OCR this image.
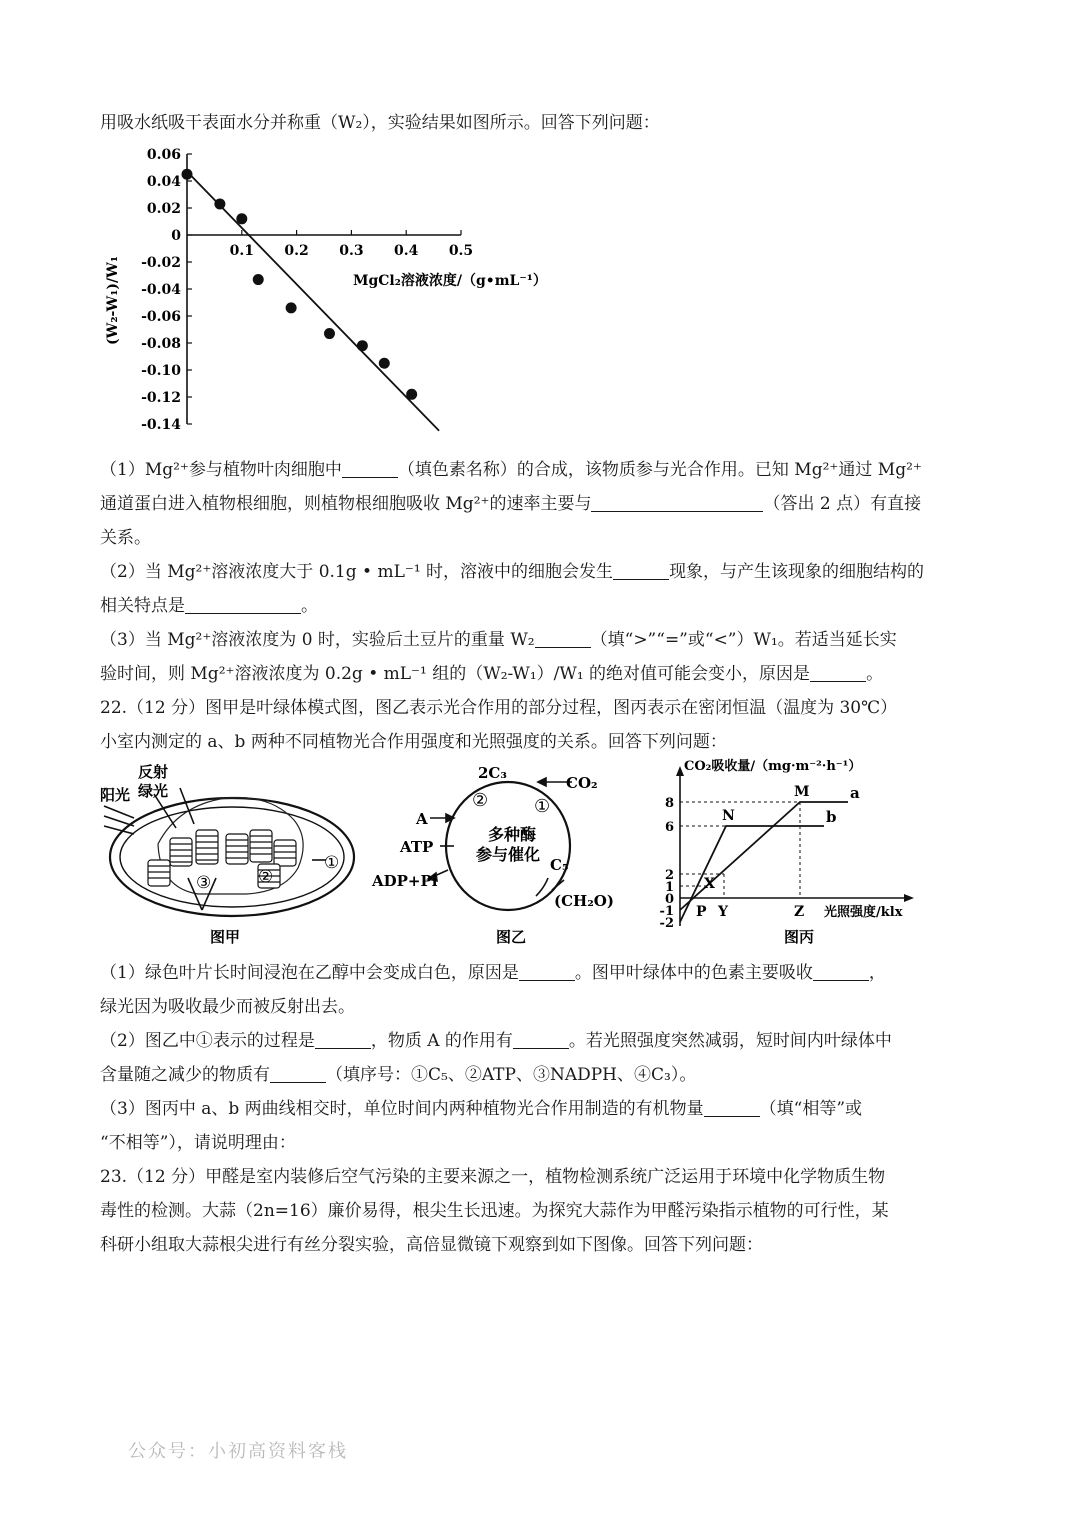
用吸水纸吸干表面水分并称重（W₂），实验结果如图所示。回答下列问题：
0.06
0.04
0.02
0
-0.02
-0.04
-0.06
-0.08
-0.10
-0.12
-0.14
0.1 0.2 0.3 0.4 0.5
MgCl₂溶液浓度/（g•mL⁻¹）
(W₂-W₁)/W₁
（1）Mg²⁺参与植物叶肉细胞中	（填色素名称）的合成，该物质参与光合作用。已知 Mg²⁺通过 Mg²⁺
通道蛋白进入植物根细胞，则植物根细胞吸收 Mg²⁺的速率主要与	（答出 2 点）有直接
关系。
（2）当 Mg²⁺溶液浓度大于 0.1g • mL⁻¹ 时，溶液中的细胞会发生	现象，与产生该现象的细胞结构的
相关特点是	。
（3）当 Mg²⁺溶液浓度为 0 时，实验后土豆片的重量 W₂	（填“>”“=”或“<”）W₁。若适当延长实
验时间，则 Mg²⁺溶液浓度为 0.2g • mL⁻¹ 组的（W₂-W₁）/W₁ 的绝对值可能会变小，原因是	。
22.（12 分）图甲是叶绿体模式图，图乙表示光合作用的部分过程，图丙表示在密闭恒温（温度为 30℃）
小室内测定的 a、b 两种不同植物光合作用强度和光照强度的关系。回答下列问题：
反射
绿光
阳光
①
②
③
图甲
2C₃
CO₂
②	①
A
ATP
多种酶
参与催化
C₅
ADP+Pi
(CH₂O)
图乙
8
6
2
1
0
-1
-2
M
N
X
P Y	Z
CO₂吸收量/（mg·m⁻²·h⁻¹）
光照强度/klx
a
b
图丙
（1）绿色叶片长时间浸泡在乙醇中会变成白色，原因是	。图甲叶绿体中的色素主要吸收	，
绿光因为吸收最少而被反射出去。
（2）图乙中①表示的过程是	，物质 A 的作用有	。若光照强度突然减弱，短时间内叶绿体中
含量随之减少的物质有	（填序号：①C₅、②ATP、③NADPH、④C₃）。
（3）图丙中 a、b 两曲线相交时，单位时间内两种植物光合作用制造的有机物量	（填“相等”或
“不相等”），请说明理由：
23.（12 分）甲醛是室内装修后空气污染的主要来源之一，植物检测系统广泛运用于环境中化学物质生物
毒性的检测。大蒜（2n=16）廉价易得，根尖生长迅速。为探究大蒜作为甲醛污染指示植物的可行性，某
科研小组取大蒜根尖进行有丝分裂实验，高倍显微镜下观察到如下图像。回答下列问题：
公众号：小初高资料客栈
